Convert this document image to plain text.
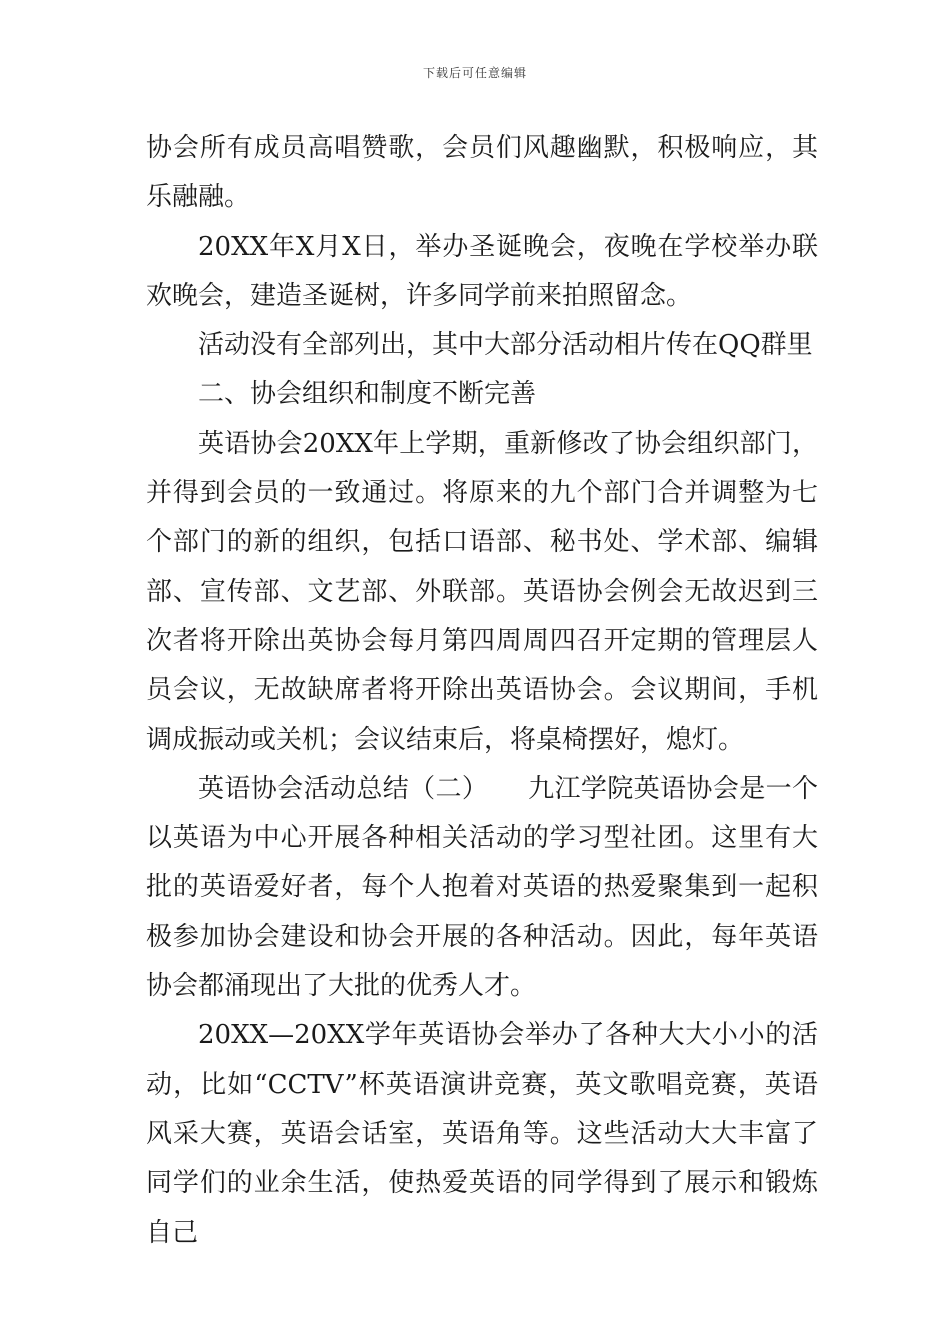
下载后可任意编辑

协会所有成员高唱赞歌，会员们风趣幽默，积极响应，其乐融融。

20XX年X月X日，举办圣诞晚会，夜晚在学校举办联欢晚会，建造圣诞树，许多同学前来拍照留念。

活动没有全部列出，其中大部分活动相片传在QQ群里

二、协会组织和制度不断完善

英语协会20XX年上学期，重新修改了协会组织部门，并得到会员的一致通过。将原来的九个部门合并调整为七个部门的新的组织，包括口语部、秘书处、学术部、编辑部、宣传部、文艺部、外联部。英语协会例会无故迟到三次者将开除出英协会每月第四周周四召开定期的管理层人员会议，无故缺席者将开除出英语协会。会议期间，手机调成振动或关机；会议结束后，将桌椅摆好，熄灯。

英语协会活动总结（二）　　九江学院英语协会是一个以英语为中心开展各种相关活动的学习型社团。这里有大批的英语爱好者，每个人抱着对英语的热爱聚集到一起积极参加协会建设和协会开展的各种活动。因此，每年英语协会都涌现出了大批的优秀人才。

20XX—20XX学年英语协会举办了各种大大小小的活动，比如“CCTV”杯英语演讲竞赛，英文歌唱竞赛，英语风采大赛，英语会话室，英语角等。这些活动大大丰富了同学们的业余生活，使热爱英语的同学得到了展示和锻炼自己
